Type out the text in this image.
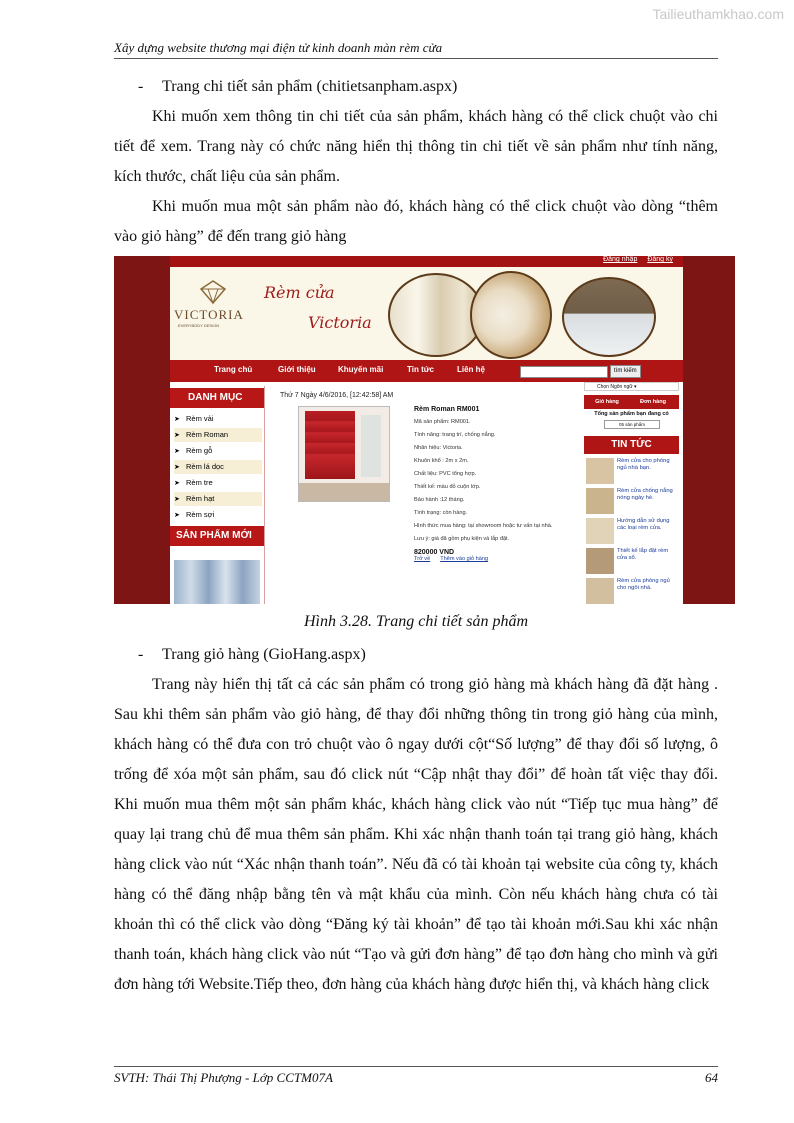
Tailieuthamkhao.com
Xây dựng website thương mại điện tử kinh doanh màn rèm cửa
- Trang chi tiết sản phẩm (chitietsanpham.aspx)
Khi muốn xem thông tin chi tiết của sản phẩm, khách hàng có thể click chuột vào chi tiết để xem. Trang này có chức năng hiển thị thông tin chi tiết về sản phẩm như tính năng, kích thước, chất liệu của sản phẩm.
Khi muốn mua một sản phẩm nào đó, khách hàng có thể click chuột vào dòng “thêm vào giỏ hàng” để đến trang giỏ hàng
Đăng nhập Đăng ký
VICTORIA
EVERYBODY DESIGN
Rèm cửa
Victoria
Trang chủ	Giới thiệu	Khuyến mãi	Tin tức	Liên hệ	tìm kiếm
DANH MỤC
➤ Rèm vải
➤ Rèm Roman
➤ Rèm gỗ
➤ Rèm lá dọc
➤ Rèm tre
➤ Rèm hạt
➤ Rèm sợi
SẢN PHẨM MỚI
Thứ 7 Ngày 4/6/2016, [12:42:58] AM
Rèm Roman RM001
Mã sản phẩm: RM001.
Tính năng: trang trí, chống nắng.
Nhãn hiệu: Victoria.
Khuôn khổ : 2m x 2m.
Chất liệu: PVC tổng hợp.
Thiết kế: màu đỏ cuộn lớp.
Bảo hành :12 tháng.
Tình trạng: còn hàng.
Hình thức mua hàng: tại showroom hoặc tư vấn tại nhà.
Lưu ý: giá đã gồm phụ kiện và lắp đặt.
820000 VND
Trở về Thêm vào giỏ hàng
Chọn Ngôn ngữ ▾
Giỏ hàng	Đơn hàng
Tổng sản phẩm bạn đang có
05 sản phẩm
TIN TỨC
Rèm cửa cho phòng ngủ nhà bạn.
Rèm cửa chống nắng nóng ngày hè.
Hướng dẫn sử dụng các loại rèm cửa.
Thiết kế lắp đặt rèm cửa sổ.
Rèm cửa phòng ngủ cho ngôi nhà.
Hình 3.28. Trang chi tiết sản phẩm
- Trang giỏ hàng (GioHang.aspx)
Trang này hiển thị tất cả các sản phẩm có trong giỏ hàng mà khách hàng đã đặt hàng . Sau khi thêm sản phẩm vào giỏ hàng, để thay đổi những thông tin trong giỏ hàng của mình, khách hàng có thể đưa con trỏ chuột vào ô ngay dưới cột“Số lượng” để thay đổi số lượng, ô trống để xóa một sản phẩm, sau đó click nút “Cập nhật thay đổi” để hoàn tất việc thay đổi. Khi muốn mua thêm một sản phẩm khác, khách hàng click vào nút “Tiếp tục mua hàng” để quay lại trang chủ để mua thêm sản phẩm. Khi xác nhận thanh toán tại trang giỏ hàng, khách hàng click vào nút “Xác nhận thanh toán”. Nếu đã có tài khoản tại website của công ty, khách hàng có thể đăng nhập bằng tên và mật khẩu của mình. Còn nếu khách hàng chưa có tài khoản thì có thể click vào dòng “Đăng ký tài khoản” để tạo tài khoản mới.Sau khi xác nhận thanh toán, khách hàng click vào nút “Tạo và gửi đơn hàng” để tạo đơn hàng cho mình và gửi đơn hàng tới Website.Tiếp theo, đơn hàng của khách hàng được hiển thị, và khách hàng click
SVTH: Thái Thị Phượng - Lớp CCTM07A	64
